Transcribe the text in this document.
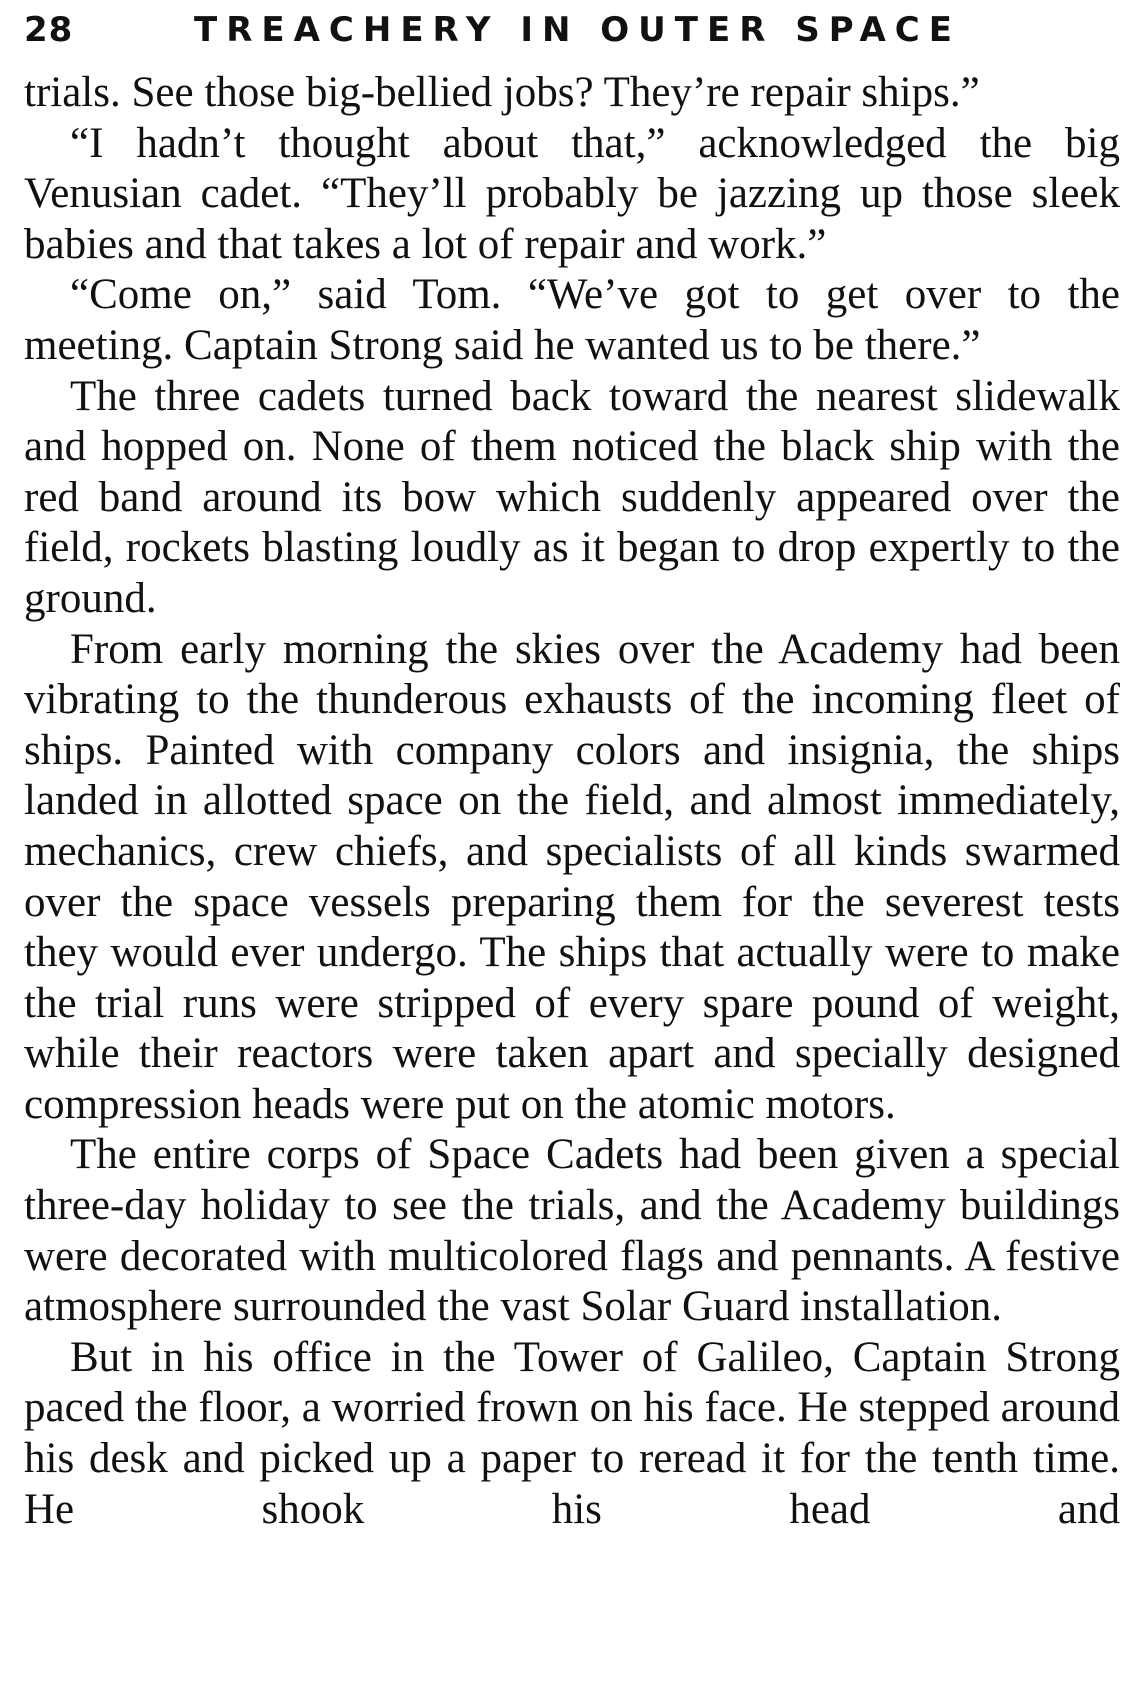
28	TREACHERY IN OUTER SPACE

trials. See those big-bellied jobs? They’re repair ships.”

“I hadn’t thought about that,” acknowledged the big Venusian cadet. “They’ll probably be jazzing up those sleek babies and that takes a lot of repair and work.”

“Come on,” said Tom. “We’ve got to get over to the meeting. Captain Strong said he wanted us to be there.”

The three cadets turned back toward the nearest slidewalk and hopped on. None of them noticed the black ship with the red band around its bow which suddenly appeared over the field, rockets blasting loudly as it began to drop expertly to the ground.

From early morning the skies over the Academy had been vibrating to the thunderous exhausts of the incoming fleet of ships. Painted with company colors and insignia, the ships landed in allotted space on the field, and almost immediately, mechanics, crew chiefs, and specialists of all kinds swarmed over the space vessels preparing them for the severest tests they would ever undergo. The ships that actually were to make the trial runs were stripped of every spare pound of weight, while their reactors were taken apart and specially designed compression heads were put on the atomic motors.

The entire corps of Space Cadets had been given a special three-day holiday to see the trials, and the Academy buildings were decorated with multicolored flags and pennants. A festive atmosphere surrounded the vast Solar Guard installation.

But in his office in the Tower of Galileo, Captain Strong paced the floor, a worried frown on his face. He stepped around his desk and picked up a paper to reread it for the tenth time. He shook his head and
